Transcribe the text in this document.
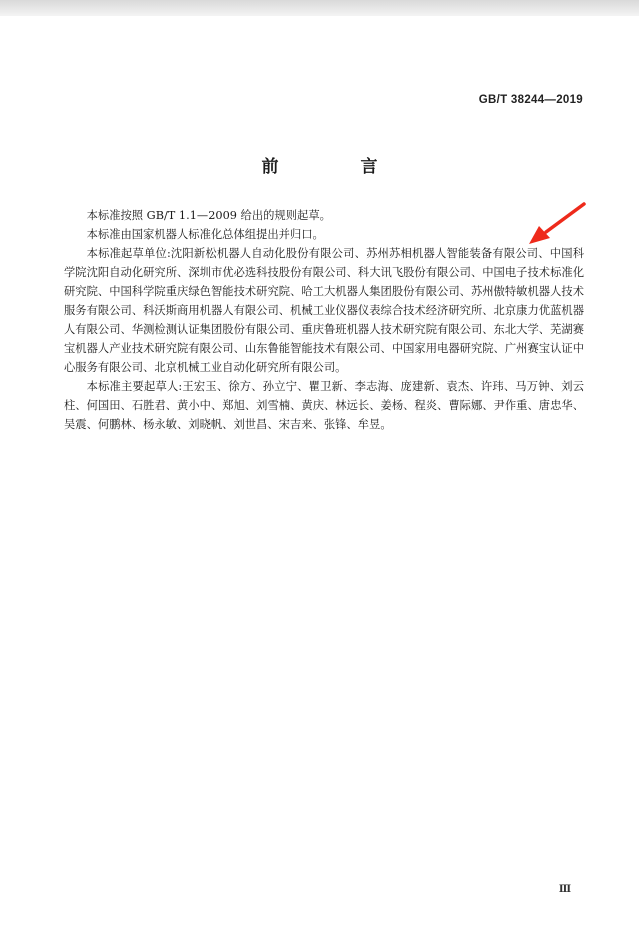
GB/T 38244—2019
前 言

本标准按照 GB/T 1.1—2009 给出的规则起草。

本标准由国家机器人标准化总体组提出并归口。

本标准起草单位:沈阳新松机器人自动化股份有限公司、苏州苏相机器人智能装备有限公司、中国科学院沈阳自动化研究所、深圳市优必选科技股份有限公司、科大讯飞股份有限公司、中国电子技术标准化研究院、中国科学院重庆绿色智能技术研究院、哈工大机器人集团股份有限公司、苏州傲特敏机器人技术服务有限公司、科沃斯商用机器人有限公司、机械工业仪器仪表综合技术经济研究所、北京康力优蓝机器人有限公司、华测检测认证集团股份有限公司、重庆鲁班机器人技术研究院有限公司、东北大学、芜湖赛宝机器人产业技术研究院有限公司、山东鲁能智能技术有限公司、中国家用电器研究院、广州赛宝认证中心服务有限公司、北京机械工业自动化研究所有限公司。

本标准主要起草人:王宏玉、徐方、孙立宁、瞿卫新、李志海、庞建新、袁杰、许玮、马万钟、刘云柱、何国田、石胜君、黄小中、郑旭、刘雪楠、黄庆、林远长、姜杨、程炎、曹际娜、尹作重、唐忠华、吴震、何鹏林、杨永敏、刘晓帆、刘世昌、宋吉来、张锋、牟昱。

Ⅲ
